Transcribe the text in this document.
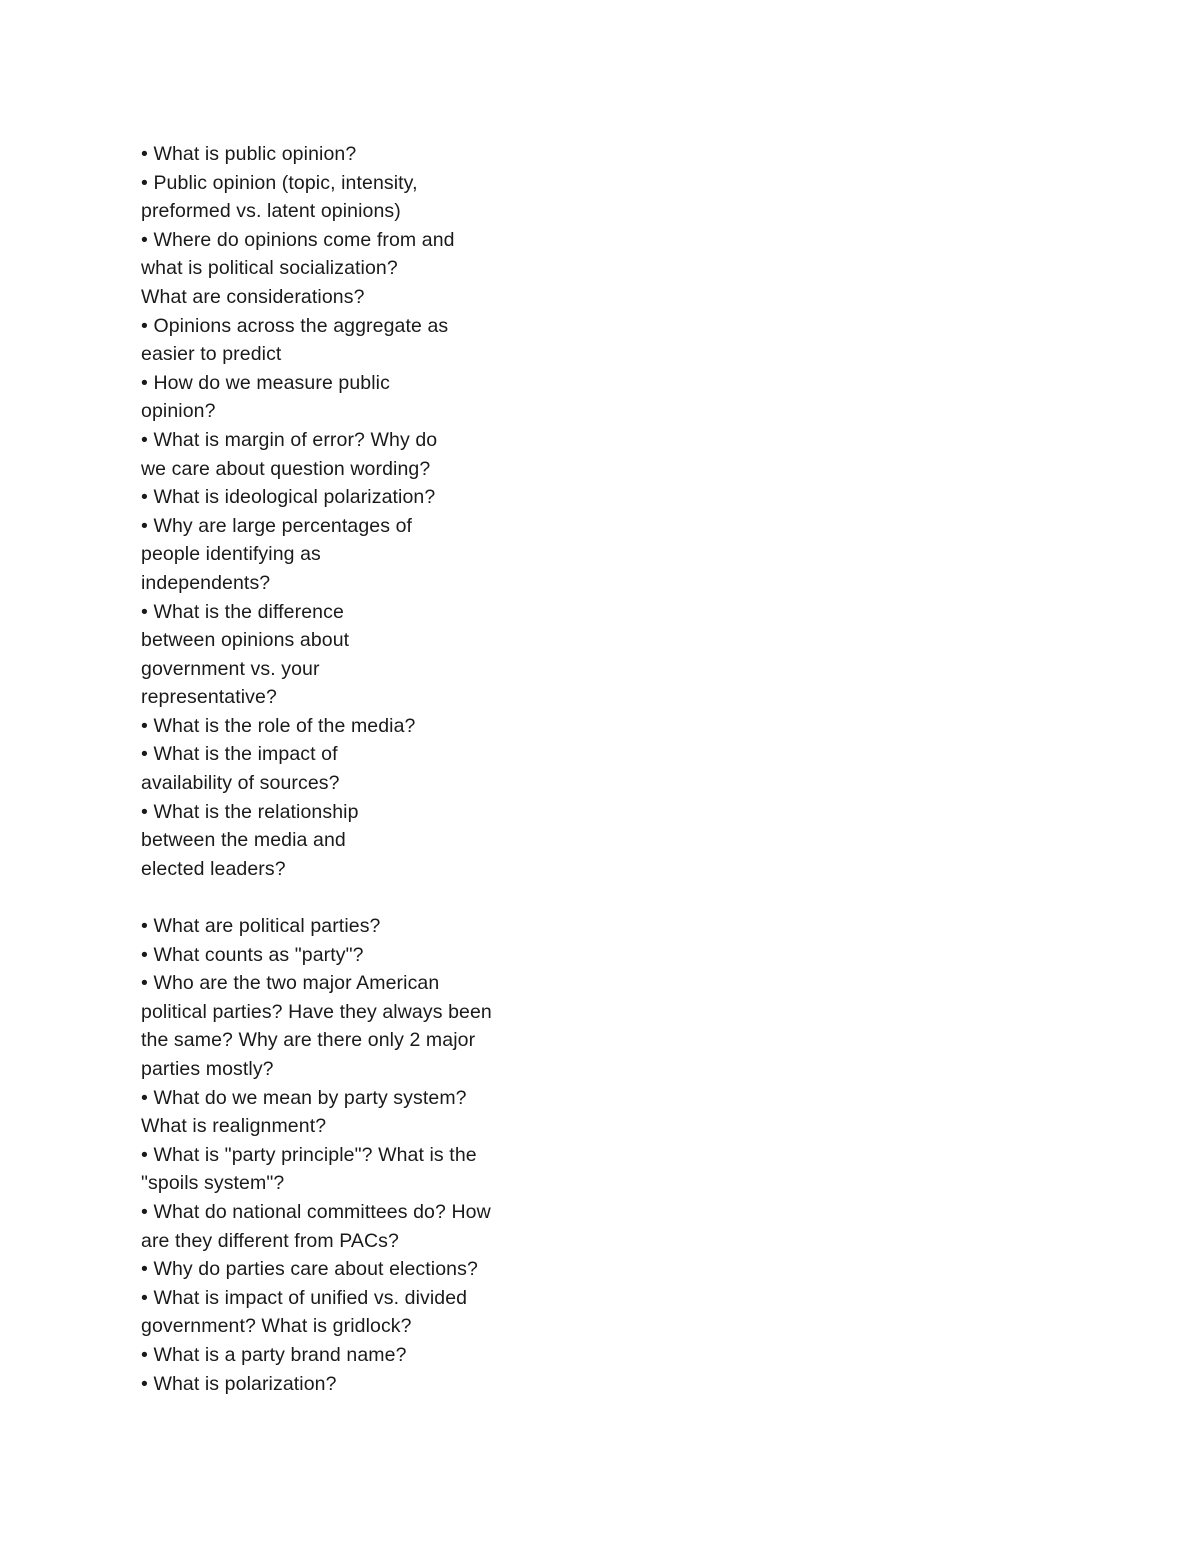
• What is public opinion?
• Public opinion (topic, intensity,
preformed vs. latent opinions)
• Where do opinions come from and
what is political socialization?
What are considerations?
• Opinions across the aggregate as
easier to predict
• How do we measure public
opinion?
• What is margin of error? Why do
we care about question wording?
• What is ideological polarization?
• Why are large percentages of
people identifying as
independents?
• What is the difference
between opinions about
government vs. your
representative?
• What is the role of the media?
• What is the impact of
availability of sources?
• What is the relationship
between the media and
elected leaders?
• What are political parties?
• What counts as "party"?
• Who are the two major American
political parties? Have they always been
the same? Why are there only 2 major
parties mostly?
• What do we mean by party system?
What is realignment?
• What is "party principle"? What is the
"spoils system"?
• What do national committees do? How
are they different from PACs?
• Why do parties care about elections?
• What is impact of unified vs. divided
government? What is gridlock?
• What is a party brand name?
• What is polarization?
